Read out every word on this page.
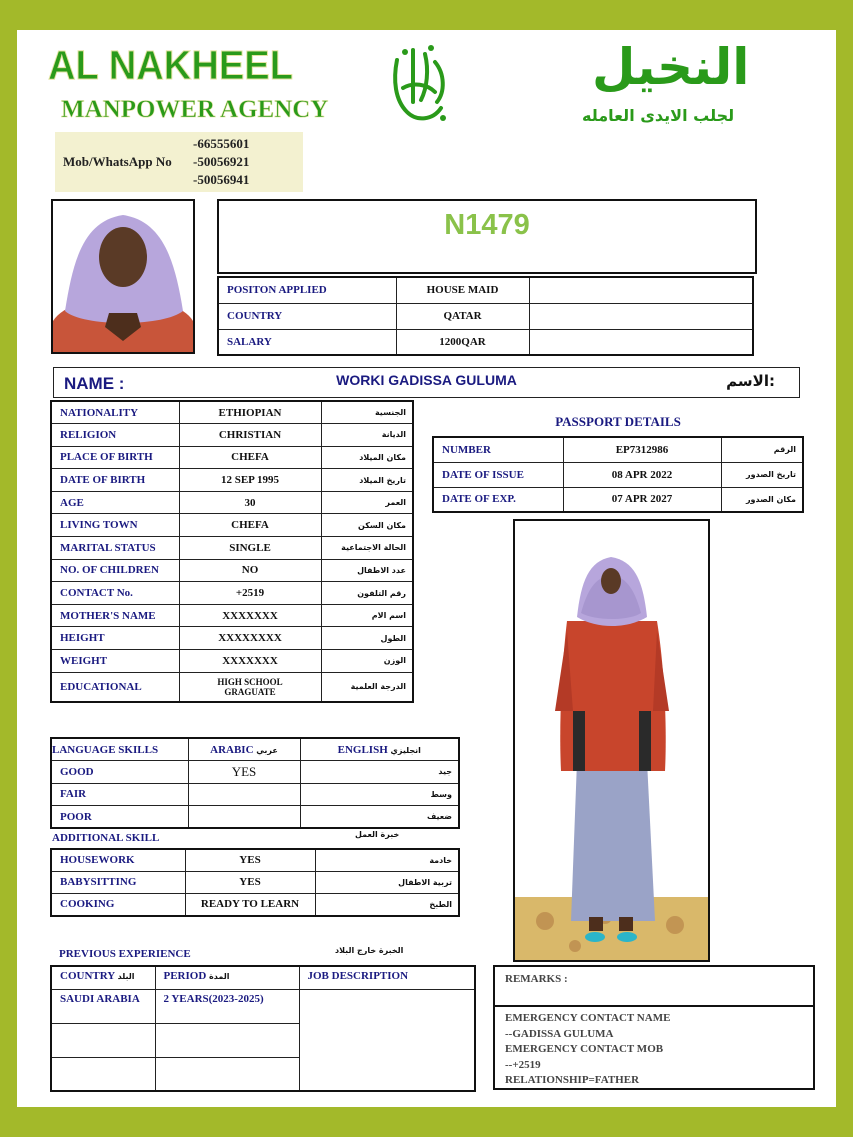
AL NAKHEEL
MANPOWER AGENCY
Mob/WhatsApp No
-66555601
-50056921
-50056941
النخيل
لجلب الايدى العامله
N1479
POSITON APPLIED	HOUSE MAID	
COUNTRY	QATAR	
SALARY	1200QAR	
NAME :	WORKI GADISSA GULUMA	الاسم:
NATIONALITY	ETHIOPIAN	الجنسية
RELIGION	CHRISTIAN	الديانة
PLACE OF BIRTH	CHEFA	مكان الميلاد
DATE OF BIRTH	12 SEP 1995	تاريخ الميلاد
AGE	30	العمر
LIVING TOWN	CHEFA	مكان السكن
MARITAL STATUS	SINGLE	الحالة الاجتماعية
NO. OF CHILDREN	NO	عدد الاطفال
CONTACT No.	+2519	رقم التلفون
MOTHER'S NAME	XXXXXXX	اسم الام
HEIGHT	XXXXXXXX	الطول
WEIGHT	XXXXXXX	الوزن
EDUCATIONAL	HIGH SCHOOL GRAGUATE	الدرجة العلمية
PASSPORT DETAILS
NUMBER	EP7312986	الرقم
DATE OF ISSUE	08 APR 2022	تاريخ الصدور
DATE OF EXP.	07 APR 2027	مكان الصدور
LANGUAGE SKILLS	ARABIC عربي	ENGLISH انجليزي
GOOD	YES	جيد
FAIR		وسط
POOR		ضعيف
ADDITIONAL SKILL	خبرة العمل
HOUSEWORK	YES	خادمة
BABYSITTING	YES	تربية الاطفال
COOKING	READY TO LEARN	الطبخ
PREVIOUS EXPERIENCE	الخبرة خارج البلاد
COUNTRY البلد	PERIOD المدة	JOB DESCRIPTION
SAUDI ARABIA	2 YEARS(2023-2025)	

REMARKS :
EMERGENCY CONTACT NAME
--GADISSA GULUMA
EMERGENCY CONTACT MOB
--+2519
RELATIONSHIP=FATHER
